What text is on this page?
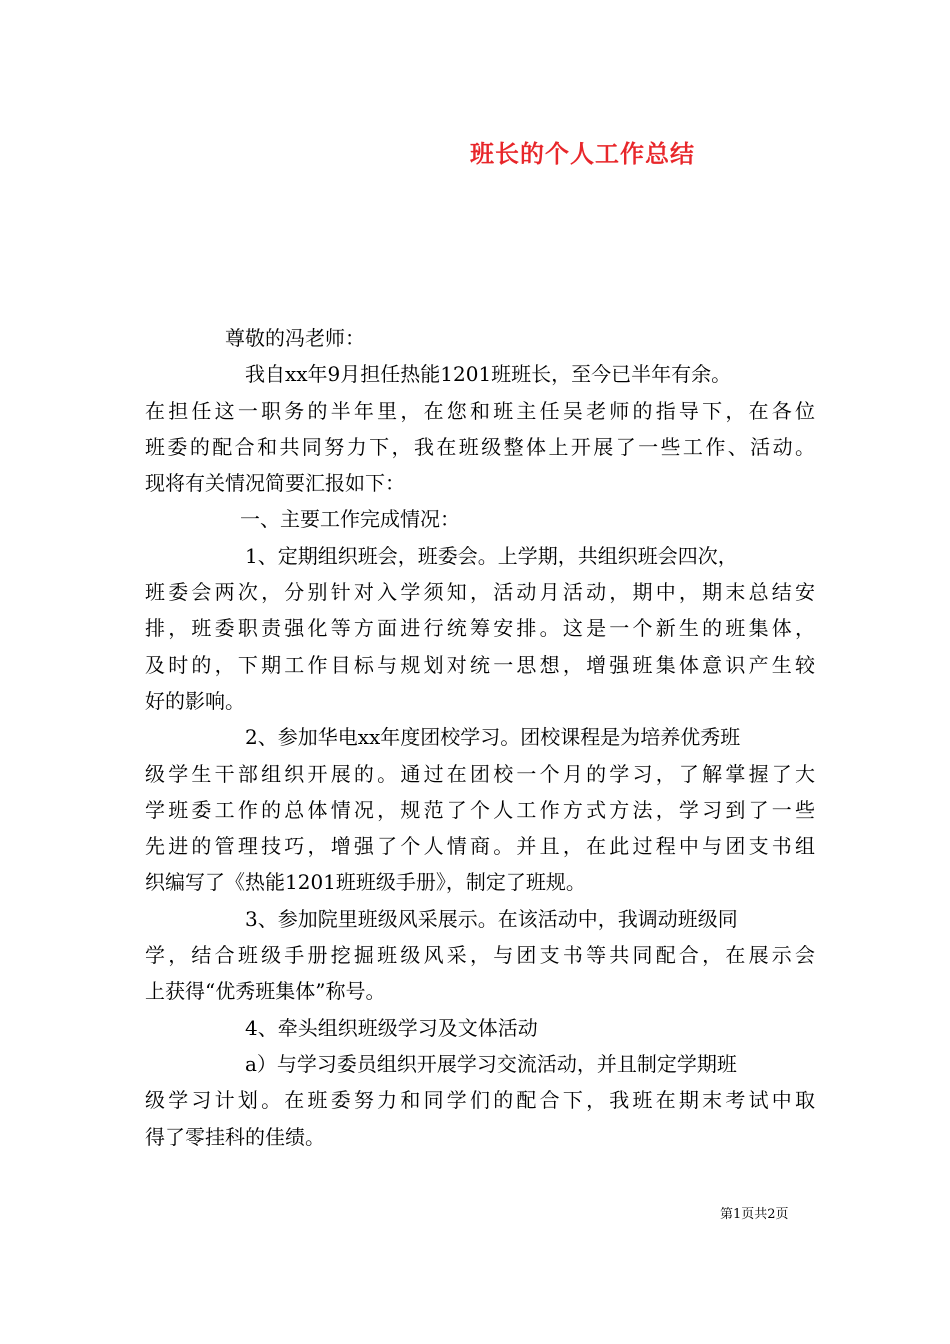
班长的个人工作总结

尊敬的冯老师：

我自xx年9月担任热能1201班班长，至今已半年有余。

在担任这一职务的半年里，在您和班主任吴老师的指导下，在各位

班委的配合和共同努力下，我在班级整体上开展了一些工作、活动。

现将有关情况简要汇报如下：

一、主要工作完成情况：

1、定期组织班会，班委会。上学期，共组织班会四次，

班委会两次，分别针对入学须知，活动月活动，期中，期末总结安

排，班委职责强化等方面进行统筹安排。这是一个新生的班集体，

及时的，下期工作目标与规划对统一思想，增强班集体意识产生较

好的影响。

2、参加华电xx年度团校学习。团校课程是为培养优秀班

级学生干部组织开展的。通过在团校一个月的学习，了解掌握了大

学班委工作的总体情况，规范了个人工作方式方法，学习到了一些

先进的管理技巧，增强了个人情商。并且，在此过程中与团支书组

织编写了《热能1201班班级手册》，制定了班规。

3、参加院里班级风采展示。在该活动中，我调动班级同

学，结合班级手册挖掘班级风采，与团支书等共同配合，在展示会

上获得“优秀班集体”称号。

4、牵头组织班级学习及文体活动

a）与学习委员组织开展学习交流活动，并且制定学期班

级学习计划。在班委努力和同学们的配合下，我班在期末考试中取

得了零挂科的佳绩。

第1页共2页
